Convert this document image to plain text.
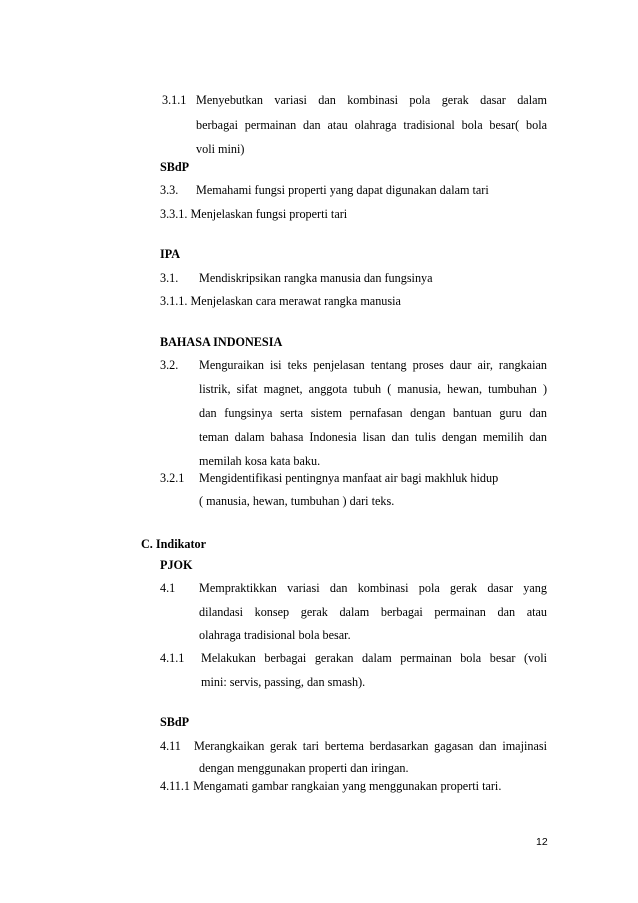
3.1.1 Menyebutkan variasi dan kombinasi pola gerak dasar dalam
berbagai permainan dan atau olahraga tradisional bola besar( bola
voli mini)
SBdP
3.3. Memahami fungsi properti yang dapat digunakan dalam tari
3.3.1. Menjelaskan fungsi properti tari
IPA
3.1. Mendiskripsikan rangka manusia dan fungsinya
3.1.1. Menjelaskan cara merawat rangka manusia
BAHASA INDONESIA
3.2. Menguraikan isi teks penjelasan tentang proses daur air, rangkaian
listrik, sifat magnet, anggota tubuh ( manusia, hewan, tumbuhan )
dan fungsinya serta sistem pernafasan dengan bantuan guru dan
teman dalam bahasa Indonesia lisan dan tulis dengan memilih dan
memilah kosa kata baku.
3.2.1 Mengidentifikasi pentingnya manfaat air bagi makhluk hidup
( manusia, hewan, tumbuhan ) dari teks.
C. Indikator
PJOK
4.1 Mempraktikkan variasi dan kombinasi pola gerak dasar yang
dilandasi konsep gerak dalam berbagai permainan dan atau
olahraga tradisional bola besar.
4.1.1 Melakukan berbagai gerakan dalam permainan bola besar (voli
mini: servis, passing, dan smash).
SBdP
4.11 Merangkaikan gerak tari bertema berdasarkan gagasan dan imajinasi
dengan menggunakan properti dan iringan.
4.11.1 Mengamati gambar rangkaian yang menggunakan properti tari.
12
